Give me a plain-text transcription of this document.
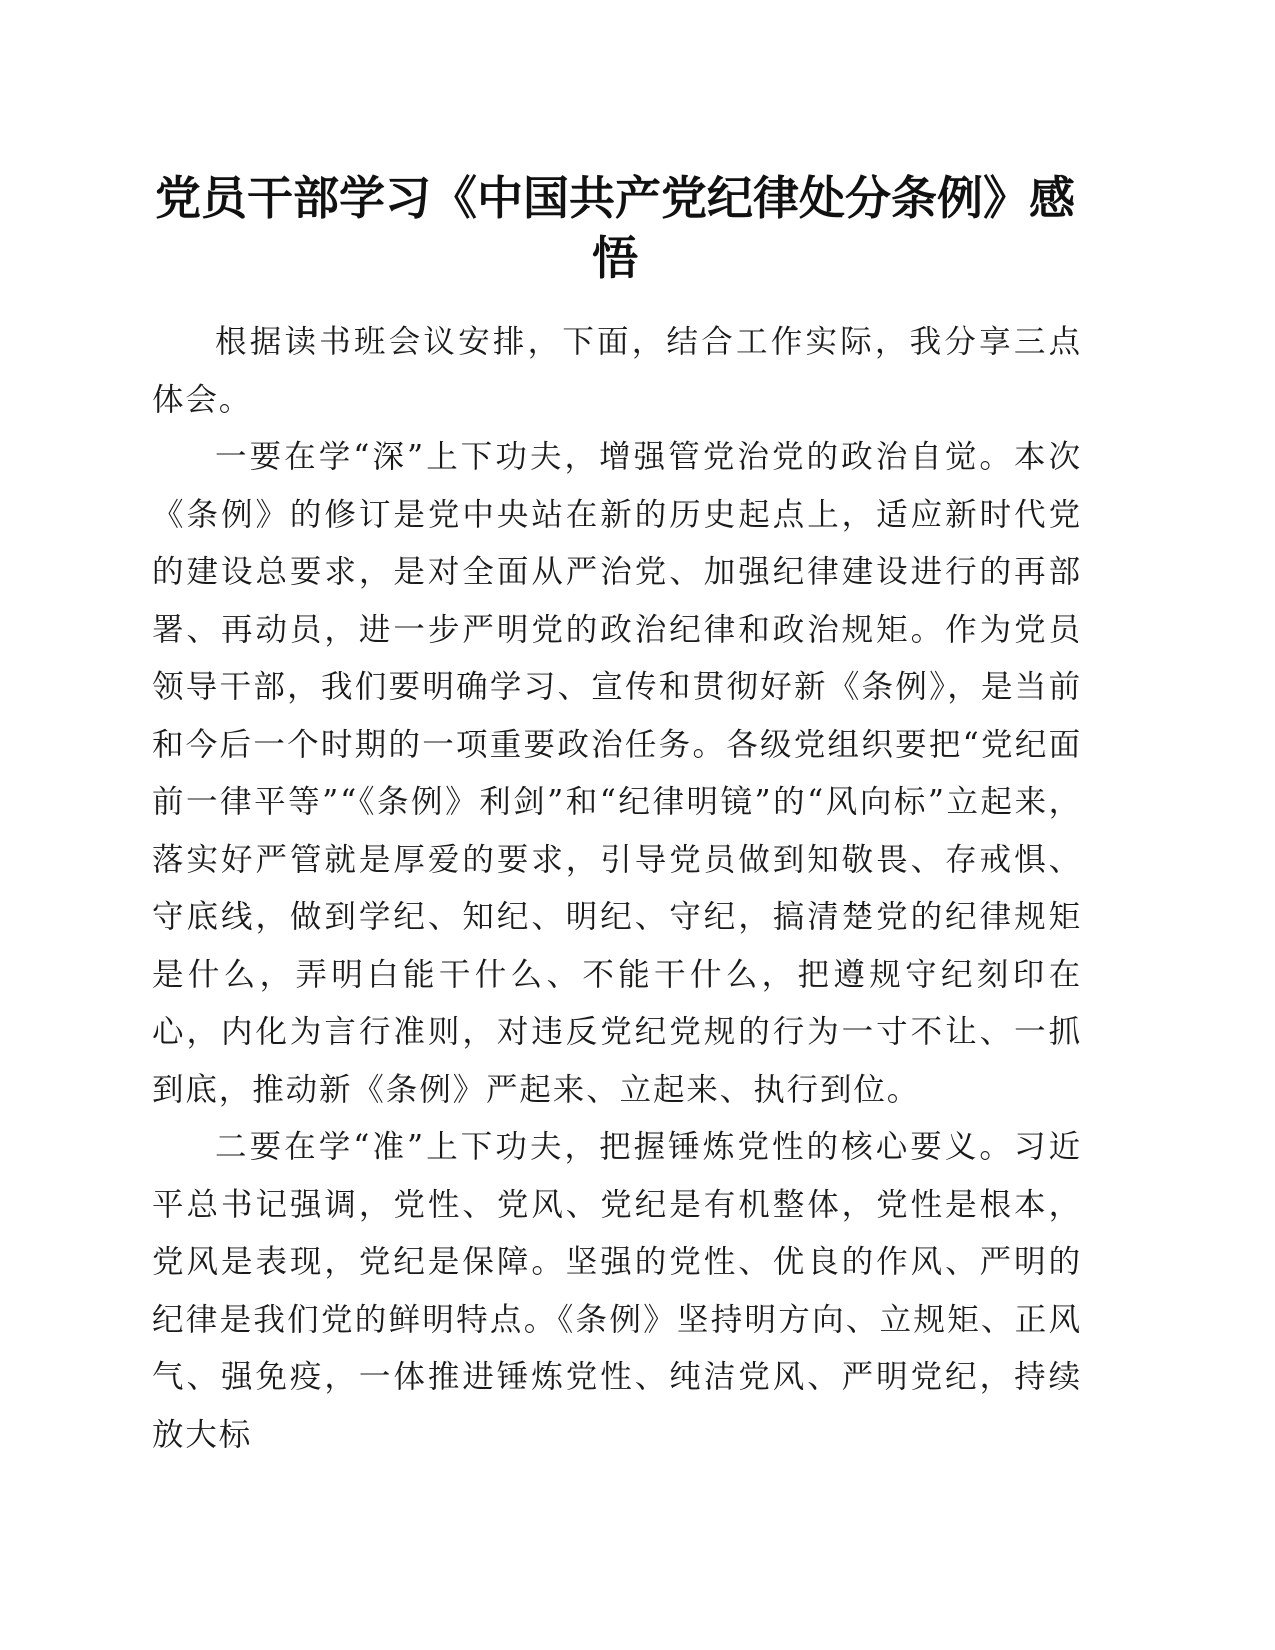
党员干部学习《中国共产党纪律处分条例》感悟

根据读书班会议安排，下面，结合工作实际，我分享三点体会。

一要在学“深”上下功夫，增强管党治党的政治自觉。本次《条例》的修订是党中央站在新的历史起点上，适应新时代党的建设总要求，是对全面从严治党、加强纪律建设进行的再部署、再动员，进一步严明党的政治纪律和政治规矩。作为党员领导干部，我们要明确学习、宣传和贯彻好新《条例》，是当前和今后一个时期的一项重要政治任务。各级党组织要把“党纪面前一律平等”“《条例》利剑”和“纪律明镜”的“风向标”立起来，落实好严管就是厚爱的要求，引导党员做到知敬畏、存戒惧、守底线，做到学纪、知纪、明纪、守纪，搞清楚党的纪律规矩是什么，弄明白能干什么、不能干什么，把遵规守纪刻印在心，内化为言行准则，对违反党纪党规的行为一寸不让、一抓到底，推动新《条例》严起来、立起来、执行到位。

二要在学“准”上下功夫，把握锤炼党性的核心要义。习近平总书记强调，党性、党风、党纪是有机整体，党性是根本，党风是表现，党纪是保障。坚强的党性、优良的作风、严明的纪律是我们党的鲜明特点。《条例》坚持明方向、立规矩、正风气、强免疫，一体推进锤炼党性、纯洁党风、严明党纪，持续放大标
